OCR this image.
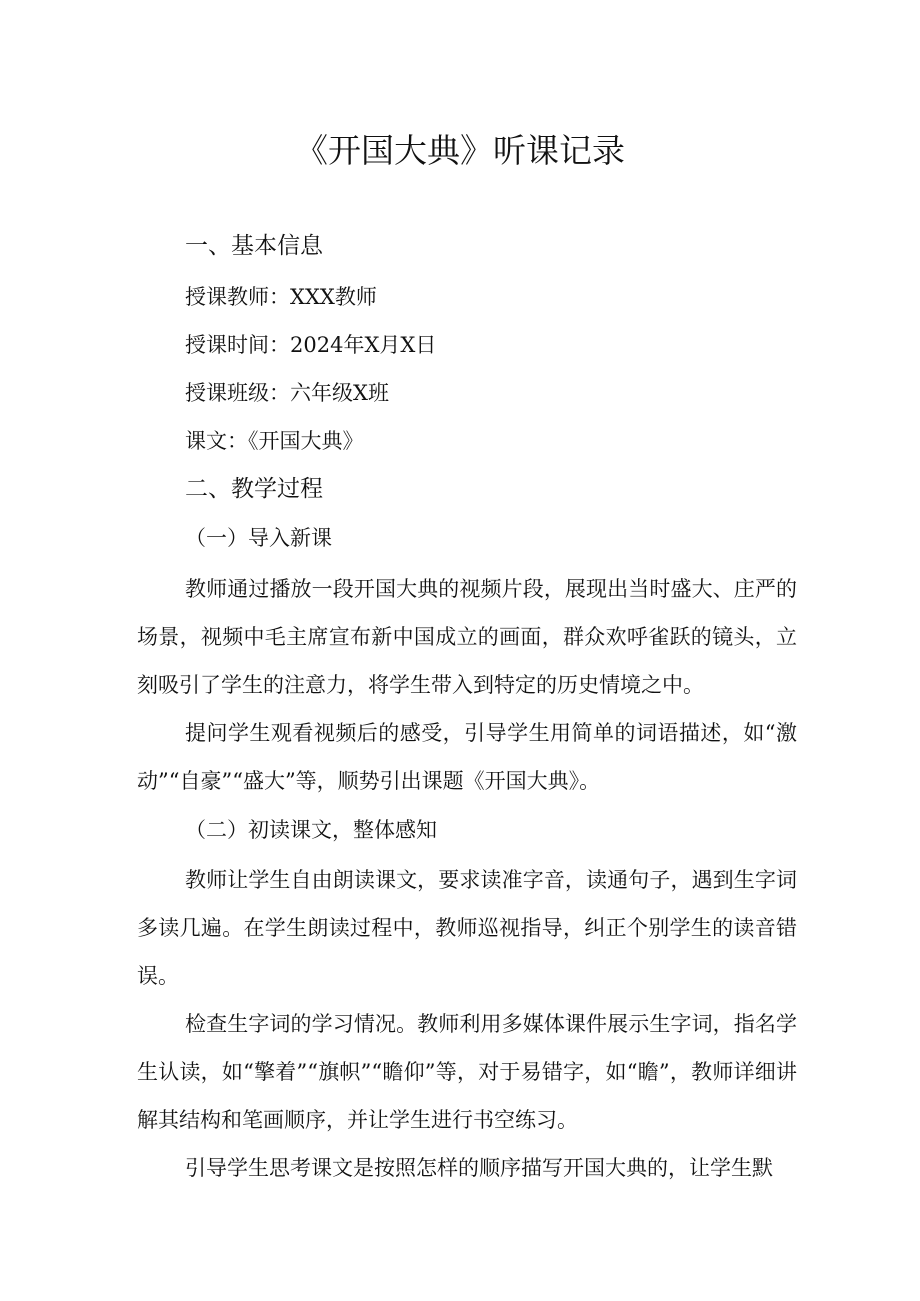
《开国大典》听课记录
一、基本信息
授课教师：XXX教师
授课时间：2024年X月X日
授课班级：六年级X班
课文：《开国大典》
二、教学过程
（一）导入新课

教师通过播放一段开国大典的视频片段，展现出当时盛大、庄严的场景，视频中毛主席宣布新中国成立的画面，群众欢呼雀跃的镜头，立刻吸引了学生的注意力，将学生带入到特定的历史情境之中。

提问学生观看视频后的感受，引导学生用简单的词语描述，如“激动”“自豪”“盛大”等，顺势引出课题《开国大典》。

（二）初读课文，整体感知

教师让学生自由朗读课文，要求读准字音，读通句子，遇到生字词多读几遍。在学生朗读过程中，教师巡视指导，纠正个别学生的读音错误。

检查生字词的学习情况。教师利用多媒体课件展示生字词，指名学生认读，如“擎着”“旗帜”“瞻仰”等，对于易错字，如“瞻”，教师详细讲解其结构和笔画顺序，并让学生进行书空练习。

引导学生思考课文是按照怎样的顺序描写开国大典的，让学生默
